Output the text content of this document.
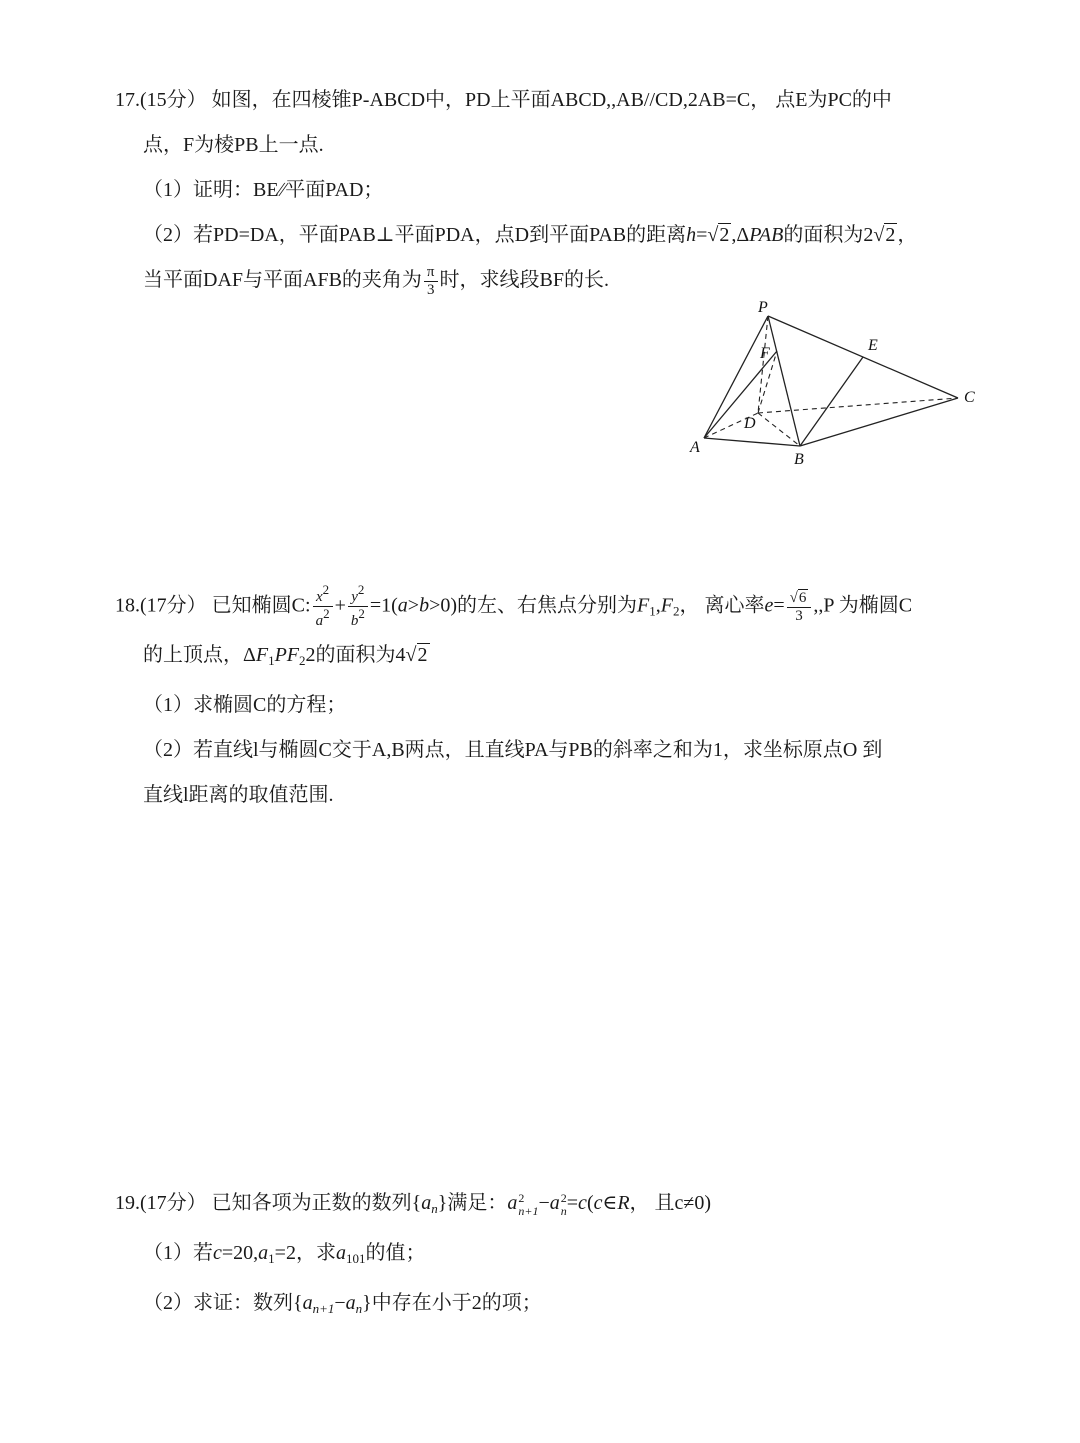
17.(15分） 如图，在四棱锥P-ABCD中，PD上平面ABCD,,AB//CD,2AB=C， 点E为PC的中
点，F为棱PB上一点.
（1）证明：BE∕∕平面PAD；
（2）若PD=DA，平面PAB⊥平面PDA，点D到平面PAB的距离h= √ 2 ,ΔPAB的面积为2 √ 2 ，
当平面DAF与平面AFB的夹角为 $\frac{\pi}{3}$ 时，求线段BF的长.
P
E
C
F
D
A
B
18.(17分） 已知椭圆C: $\frac{x2}{a2} + \frac{y2}{b2} =1(a>b>0)$的左、右焦点分别为$F_1,F_2$， 离心率e= √ $\frac{6}{3} ,,P$ 为椭圆C
的上顶点，$\Delta F_1PF_22$的面积为4 √ 2
（1）求椭圆C的方程；
（2）若直线l与椭圆C交于A,B两点，且直线PA与PB的斜率之和为1，求坐标原点O 到
直线l距离的取值范围.
19.(17分） 已知各项为正数的数列$\{a_n\}$满足：a 2
n+1 −a 2
n =c(c∈R， 且c≠0)
（1）若$c=20,a_1=2$，求$a_{101}$的值；
（2）求证：数列$\{a_{n+1}-a_n\}$中存在小于2的项；
